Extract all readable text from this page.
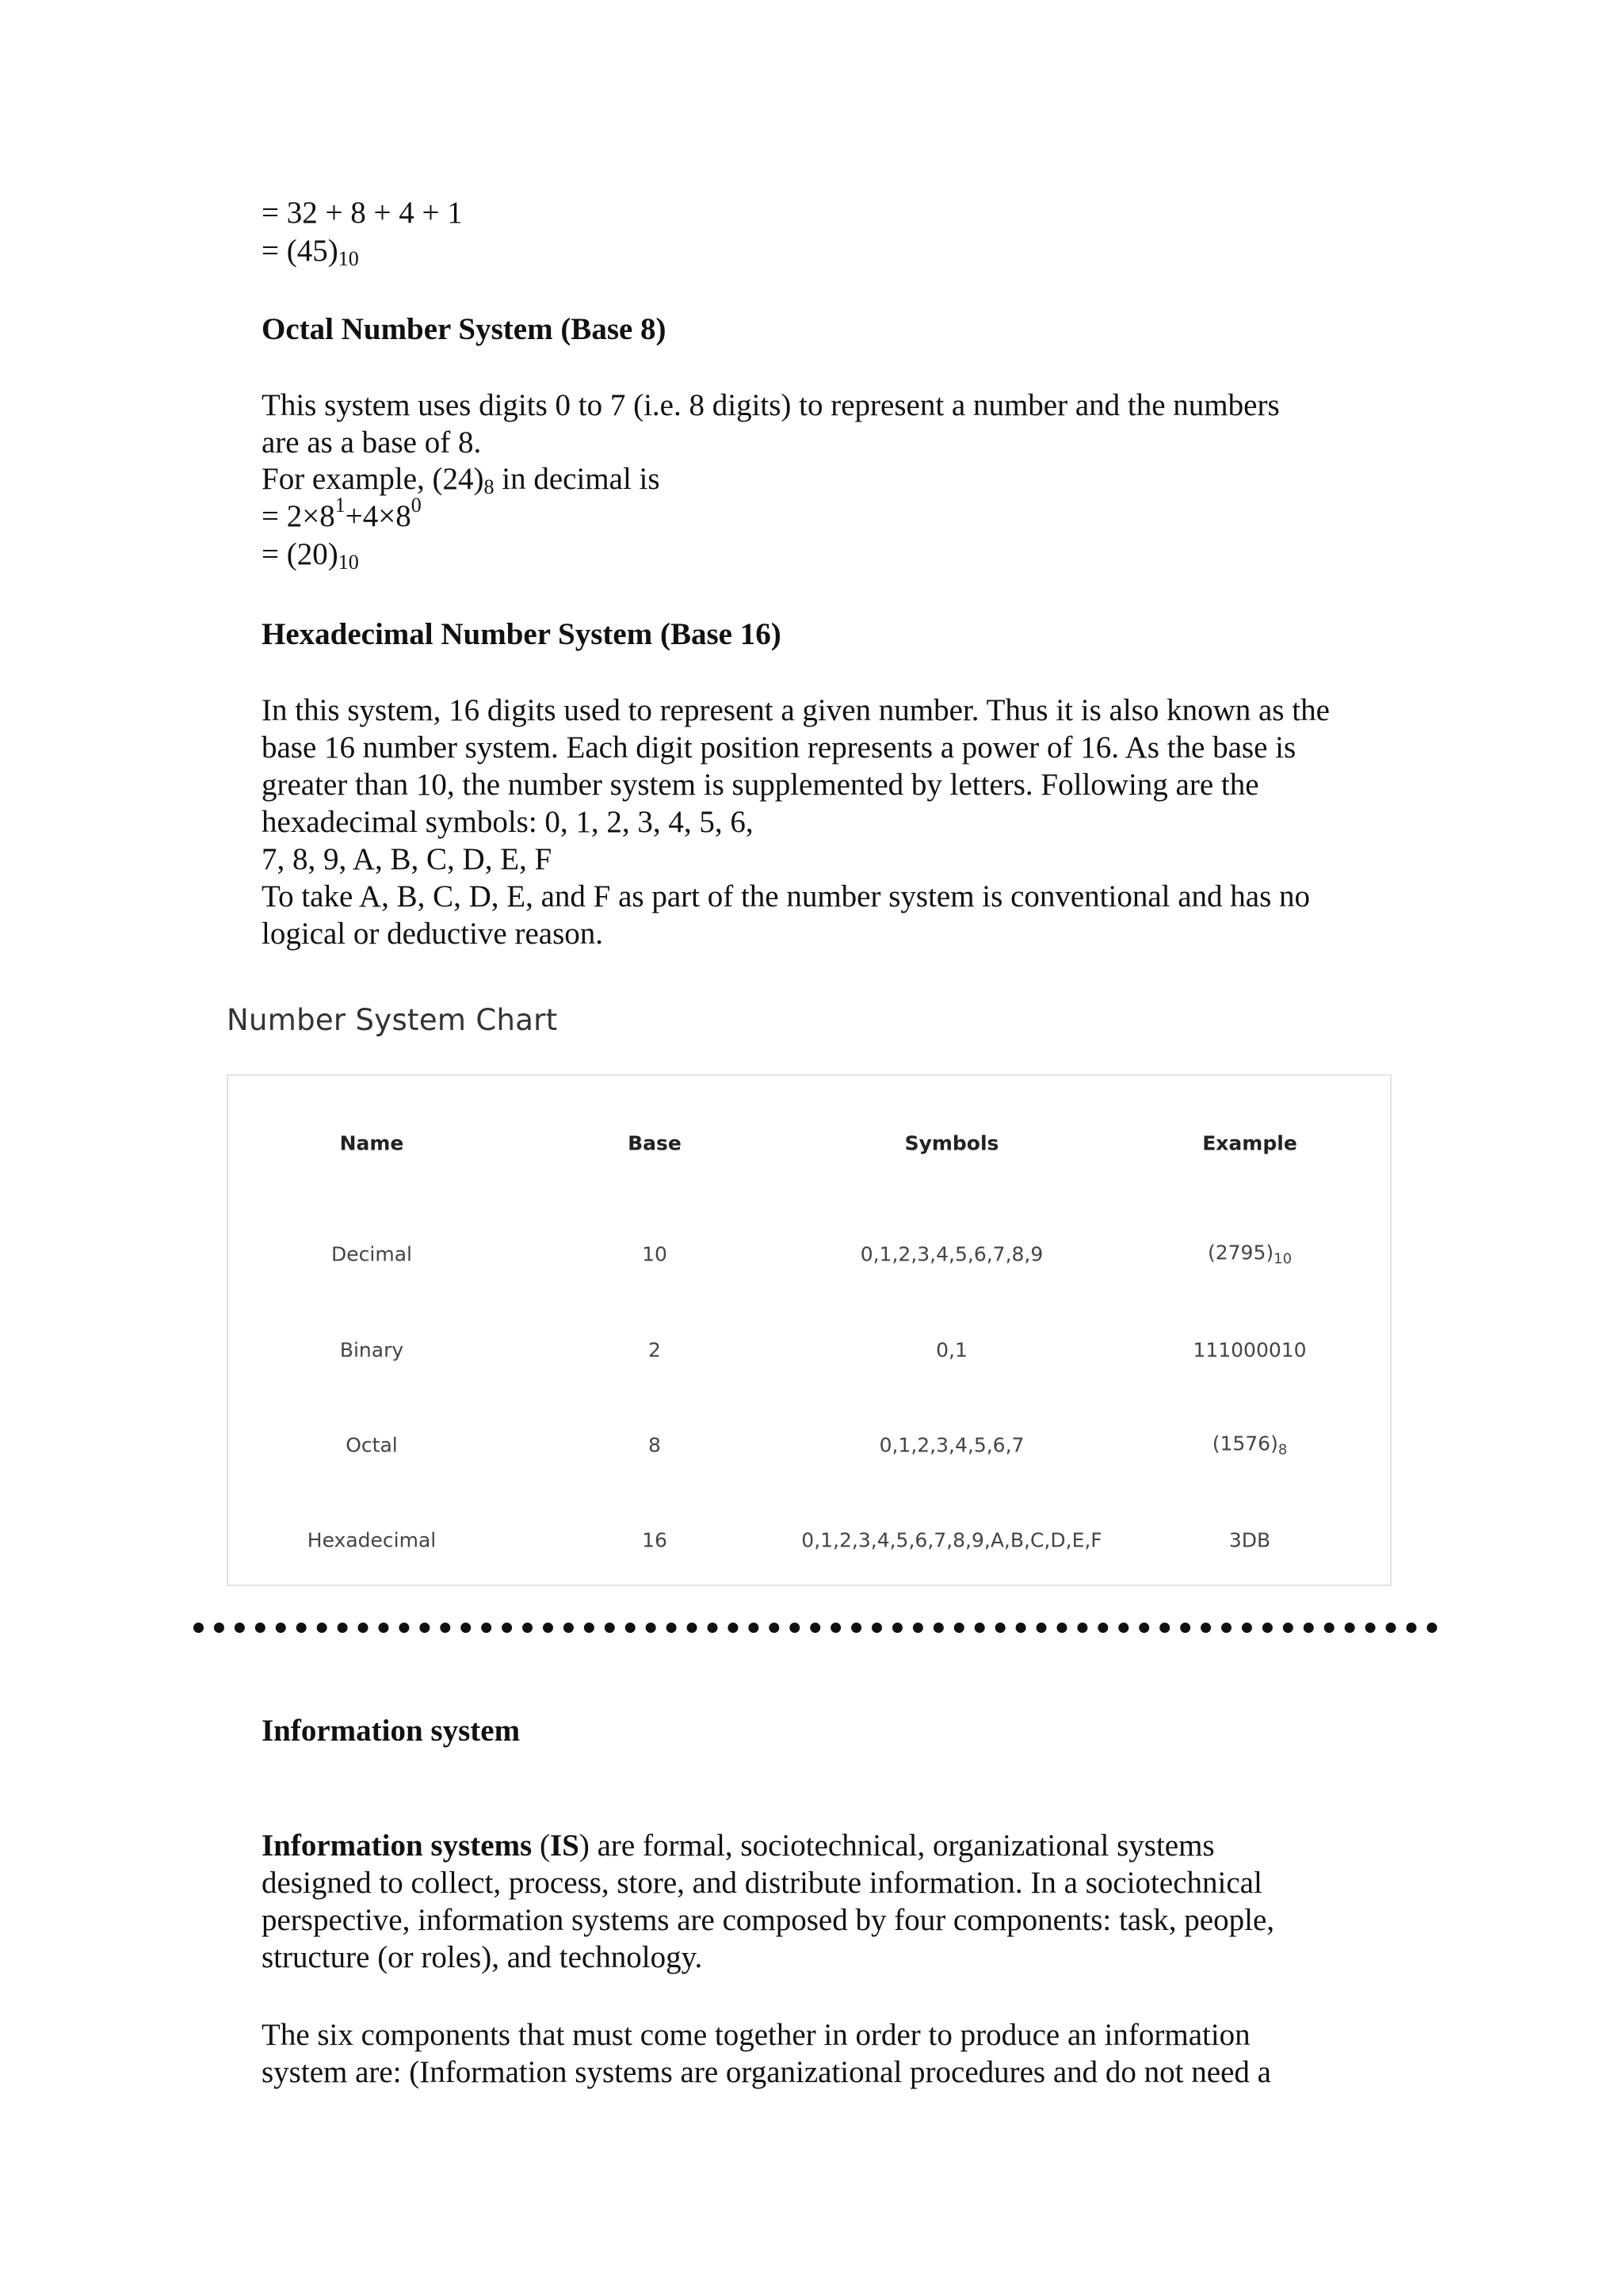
= 32 + 8 + 4 + 1
= $(45)_{10}$
Octal Number System (Base 8)
This system uses digits 0 to 7 (i.e. 8 digits) to represent a number and the numbers
are as a base of 8.
For example, $(24)_8$ in decimal is
= $2\times 8^1+4\times 8^0$
= $(20)_{10}$
Hexadecimal Number System (Base 16)
In this system, 16 digits used to represent a given number. Thus it is also known as the
base 16 number system. Each digit position represents a power of 16. As the base is
greater than 10, the number system is supplemented by letters. Following are the
hexadecimal symbols: 0, 1, 2, 3, 4, 5, 6,
7, 8, 9, A, B, C, D, E, F
To take A, B, C, D, E, and F as part of the number system is conventional and has no
logical or deductive reason.
Number System Chart
Name	Base	Symbols	Example
Decimal	10	0,1,2,3,4,5,6,7,8,9	$(2795)_{10}$
Binary	2	0,1	111000010
Octal	8	0,1,2,3,4,5,6,7	$(1576)_8$
Hexadecimal	16	0,1,2,3,4,5,6,7,8,9,A,B,C,D,E,F	3DB
Information system
Information systems (IS) are formal, sociotechnical, organizational systems
designed to collect, process, store, and distribute information. In a sociotechnical
perspective, information systems are composed by four components: task, people,
structure (or roles), and technology.
The six components that must come together in order to produce an information
system are: (Information systems are organizational procedures and do not need a
